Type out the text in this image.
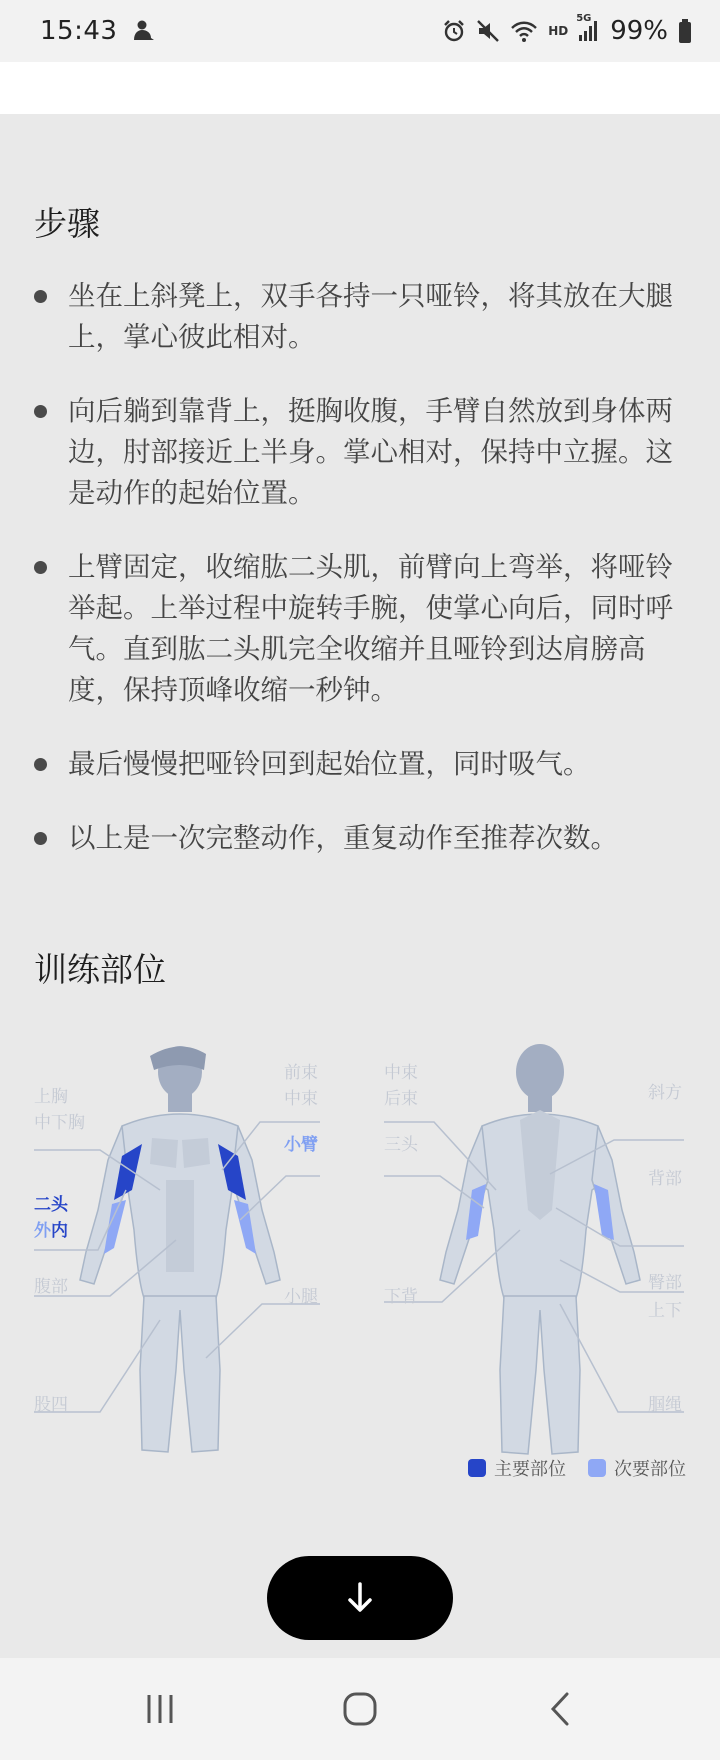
15:43	HD
5G 99%
步骤
坐在上斜凳上，双手各持一只哑铃，将其放在大腿上，掌心彼此相对。
向后躺到靠背上，挺胸收腹，手臂自然放到身体两边，肘部接近上半身。掌心相对，保持中立握。这是动作的起始位置。
上臂固定，收缩肱二头肌，前臂向上弯举，将哑铃举起。上举过程中旋转手腕，使掌心向后，同时呼气。直到肱二头肌完全收缩并且哑铃到达肩膀高度，保持顶峰收缩一秒钟。
最后慢慢把哑铃回到起始位置，同时吸气。
以上是一次完整动作，重复动作至推荐次数。
训练部位
上胸
中下胸
二头
外内
腹部
股四
前束
中束
小臂
小腿
中束
后束
三头
下背
斜方
背部
臀部
上下
腘绳
主要部位	次要部位
